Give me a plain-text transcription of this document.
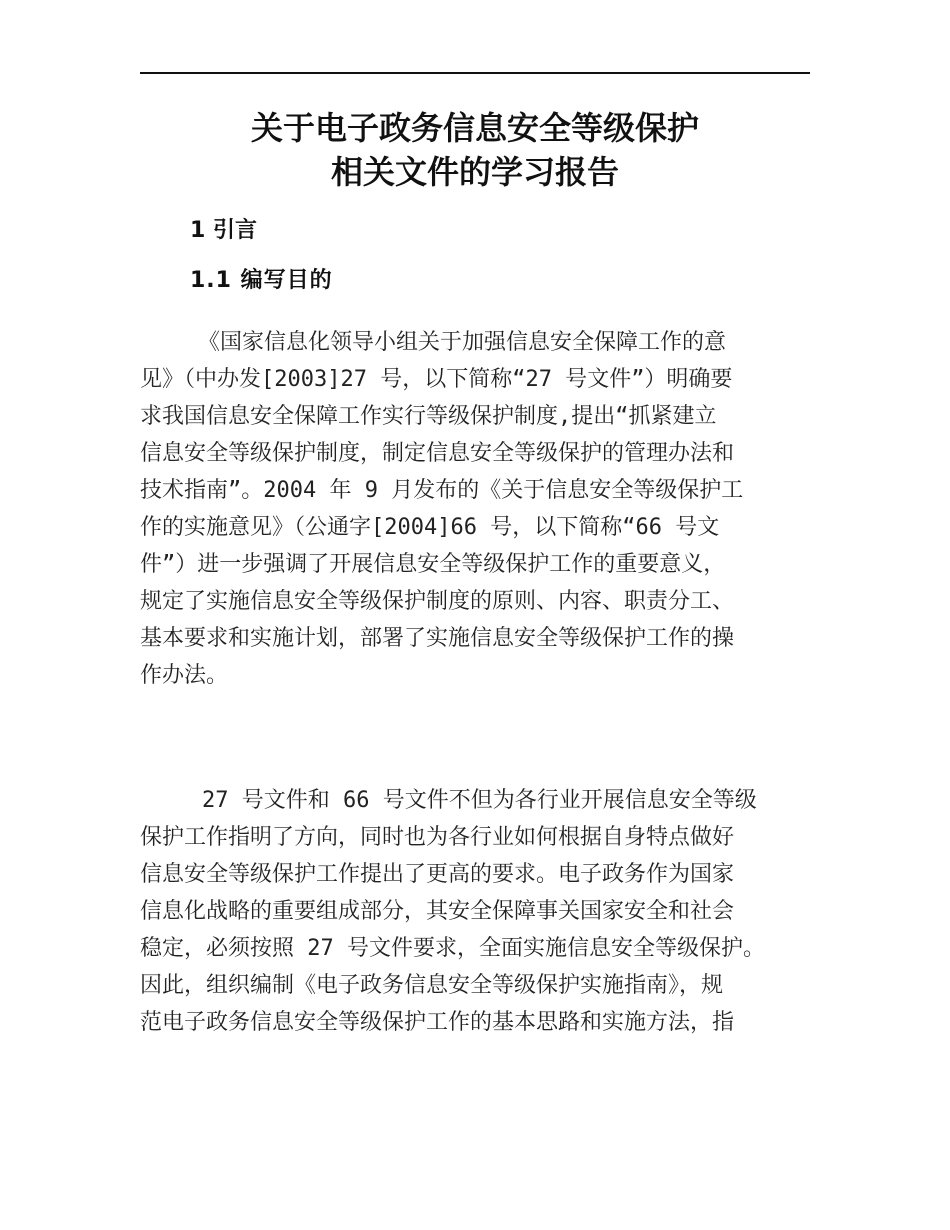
关于电子政务信息安全等级保护
相关文件的学习报告
1 引言
1.1 编写目的
《国家信息化领导小组关于加强信息安全保障工作的意
见》（中办发[2003]27 号，以下简称“27 号文件”）明确要
求我国信息安全保障工作实行等级保护制度,提出“抓紧建立
信息安全等级保护制度，制定信息安全等级保护的管理办法和
技术指南”。2004 年 9 月发布的《关于信息安全等级保护工
作的实施意见》（公通字[2004]66 号，以下简称“66 号文
件”）进一步强调了开展信息安全等级保护工作的重要意义，
规定了实施信息安全等级保护制度的原则、内容、职责分工、
基本要求和实施计划，部署了实施信息安全等级保护工作的操
作办法。
27 号文件和 66 号文件不但为各行业开展信息安全等级
保护工作指明了方向，同时也为各行业如何根据自身特点做好
信息安全等级保护工作提出了更高的要求。电子政务作为国家
信息化战略的重要组成部分，其安全保障事关国家安全和社会
稳定，必须按照 27 号文件要求，全面实施信息安全等级保护。
因此，组织编制《电子政务信息安全等级保护实施指南》，规
范电子政务信息安全等级保护工作的基本思路和实施方法，指
